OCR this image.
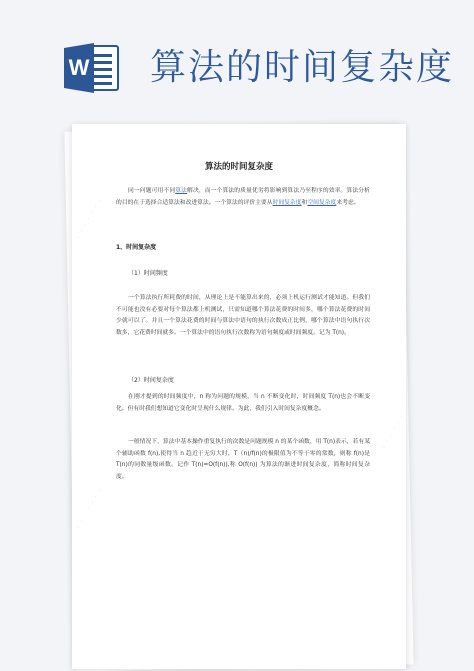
W 算法的时间复杂度
· · · · · · ·
· · · · · · ·
· · · · · · ·
算法的时间复杂度
同一问题可用不同算法解决，而一个算法的质量优劣将影响到算法乃至程序的效率。算法分析的目的在于选择合适算法和改进算法。一个算法的评价主要从时间复杂度和空间复杂度来考虑。
1、时间复杂度
（1）时间频度
一个算法执行所耗费的时间，从理论上是不能算出来的，必须上机运行测试才能知道。但我们不可能也没有必要对每个算法都上机测试，只需知道哪个算法花费的时间多，哪个算法花费的时间少就可以了。并且一个算法花费的时间与算法中语句的执行次数成正比例，哪个算法中语句执行次数多，它花费时间就多。一个算法中的语句执行次数称为语句频度或时间频度。记为 T(n)。
（2）时间复杂度
在刚才提到的时间频度中，n 称为问题的规模，当 n 不断变化时，时间频度 T(n)也会不断变化。但有时我们想知道它变化时呈现什么规律。为此，我们引入时间复杂度概念。
一般情况下，算法中基本操作重复执行的次数是问题规模 n 的某个函数，用 T(n)表示，若有某个辅助函数 f(n),使得当 n 趋近于无穷大时，T（n)/f(n)的极限值为不等于零的常数，则称 f(n)是 T(n)的同数量级函数。记作 T(n)=O(f(n)),称 O(f(n)) 为算法的渐进时间复杂度，简称时间复杂度。
